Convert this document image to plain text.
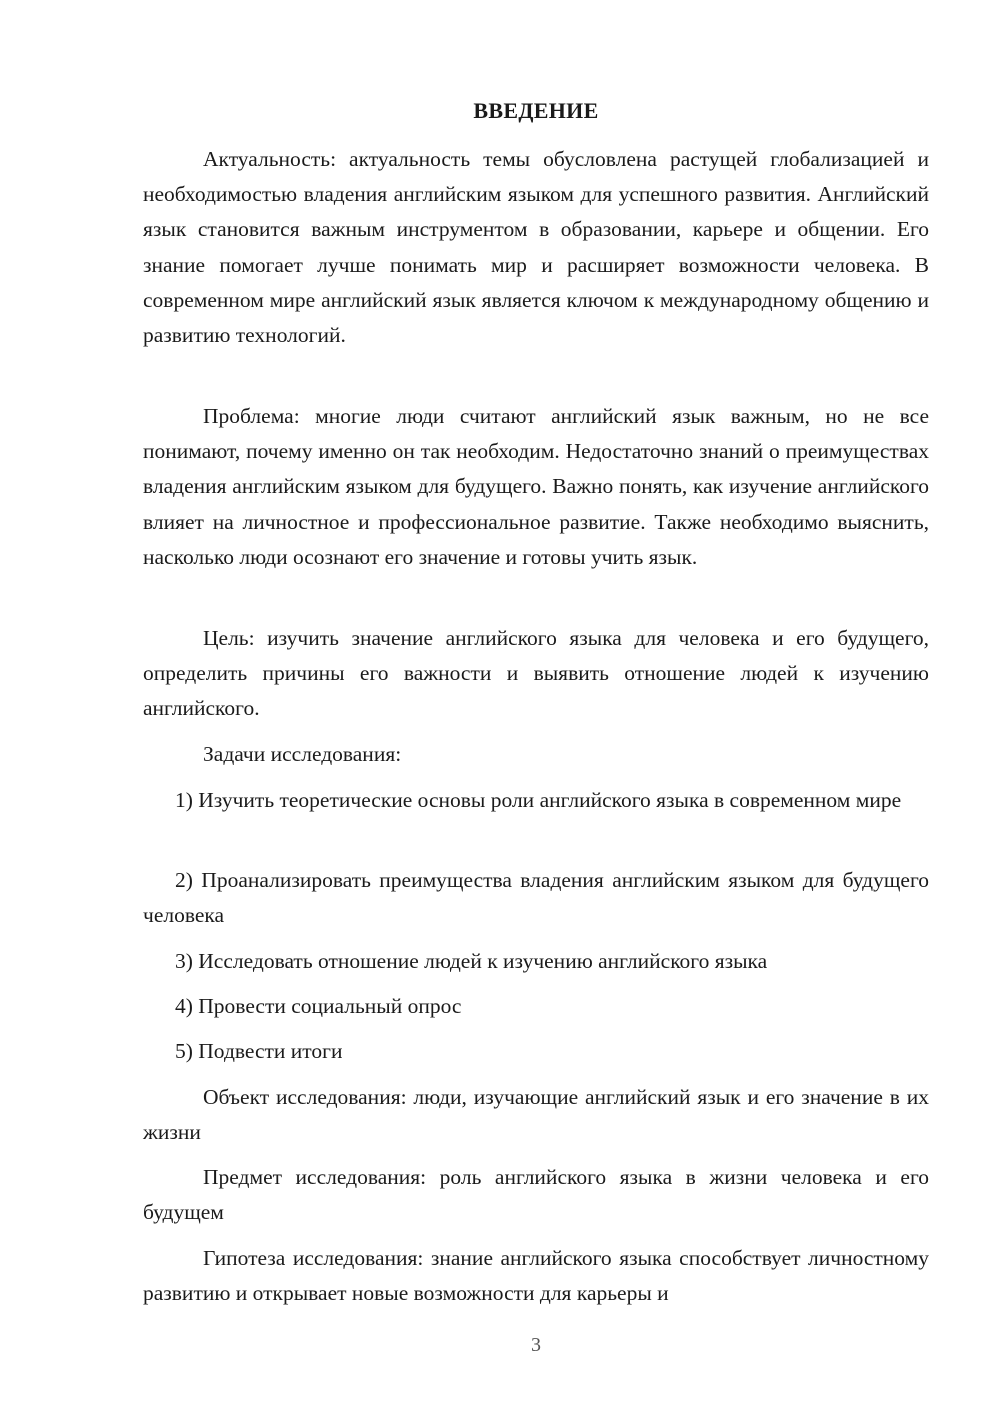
ВВЕДЕНИЕ

Актуальность: актуальность темы обусловлена растущей глобализацией и необходимостью владения английским языком для успешного развития. Английский язык становится важным инструментом в образовании, карьере и общении. Его знание помогает лучше понимать мир и расширяет возможности человека. В современном мире английский язык является ключом к международному общению и развитию технологий.

Проблема: многие люди считают английский язык важным, но не все понимают, почему именно он так необходим. Недостаточно знаний о преимуществах владения английским языком для будущего. Важно понять, как изучение английского влияет на личностное и профессиональное развитие. Также необходимо выяснить, насколько люди осознают его значение и готовы учить язык.

Цель: изучить значение английского языка для человека и его будущего, определить причины его важности и выявить отношение людей к изучению английского.

Задачи исследования:

1) Изучить теоретические основы роли английского языка в современном мире

2) Проанализировать преимущества владения английским языком для будущего человека

3) Исследовать отношение людей к изучению английского языка

4) Провести социальный опрос

5) Подвести итоги

Объект исследования: люди, изучающие английский язык и его значение в их жизни

Предмет исследования: роль английского языка в жизни человека и его будущем

Гипотеза исследования: знание английского языка способствует личностному развитию и открывает новые возможности для карьеры и

3
